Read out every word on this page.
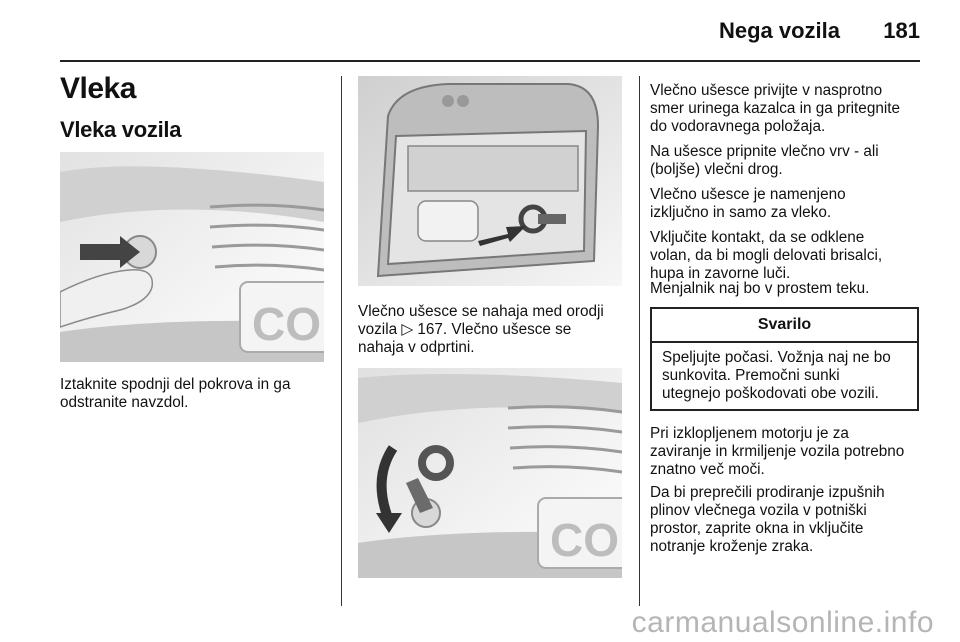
Nega vozila 181
Vleka
Vleka vozila
CO
Iztaknite spodnji del pokrova in ga
odstranite navzdol.
Vlečno ušesce se nahaja med orodji
vozila ▷ 167. Vlečno ušesce se
nahaja v odprtini.
CO
Vlečno ušesce privijte v nasprotno
smer urinega kazalca in ga pritegnite
do vodoravnega položaja.
Na ušesce pripnite vlečno vrv - ali
(boljše) vlečni drog.
Vlečno ušesce je namenjeno
izključno in samo za vleko.
Vključite kontakt, da se odklene
volan, da bi mogli delovati brisalci,
hupa in zavorne luči.
Menjalnik naj bo v prostem teku.
Svarilo
Speljujte počasi. Vožnja naj ne bo
sunkovita. Premočni sunki
utegnejo poškodovati obe vozili.
Pri izklopljenem motorju je za
zaviranje in krmiljenje vozila potrebno
znatno več moči.
Da bi preprečili prodiranje izpušnih
plinov vlečnega vozila v potniški
prostor, zaprite okna in vključite
notranje kroženje zraka.
carmanualsonline.info
